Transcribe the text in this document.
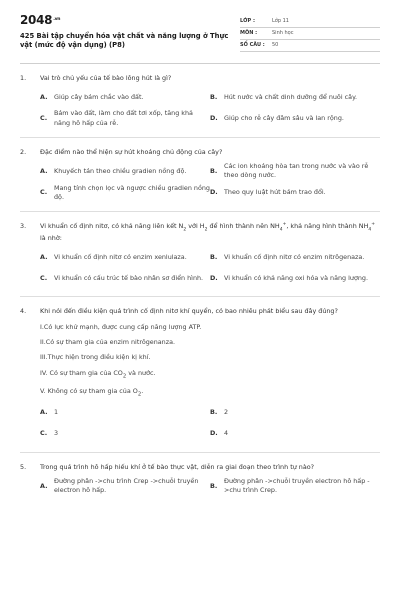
2048.vn
425 Bài tập chuyển hóa vật chất và năng lượng ở Thực vật (mức độ vận dụng) (P8)
LỚP :	Lớp 11
MÔN :	Sinh học
SỐ CÂU :	50
1.	Vai trò chủ yếu của tế bào lông hút là gì?
A.	Giúp cây bám chắc vào đất.	B.	Hút nước và chất dinh dưỡng để nuôi cây.
C.
Bám vào đất, làm cho đất tơi xốp, tăng khả năng hô hấp của rễ.
D. Giúp cho rễ cây đâm sâu và lan rộng.
2.	Đặc điểm nào thể hiện sự hút khoáng chủ động của cây?
A.	Khuyếch tán theo chiều gradien nồng độ.	B.
Các ion khoáng hòa tan trong nước và vào rễ theo dòng nước.
C.
Mang tính chọn lọc và ngược chiều gradien nồng độ.
D. Theo quy luật hút bám trao đổi.
3.	Vi khuẩn cố định nitơ, có khả năng liên kết $N_2$ với $H_2$ để hình thành nên $NH_4^+$, khả năng hình thành $NH_4^+$ là nhờ:
A.	Vi khuẩn cố định nitơ có enzim xenlulaza.	B.	Vi khuẩn cố định nitơ có enzim nitrôgenaza.
C.	Vi khuẩn có cấu trúc tế bào nhân sơ điển hình.	D. Vi khuẩn có khả năng oxi hóa và năng lượng.
4.	Khi nói đến điều kiện quá trình cố định nitơ khí quyển, có bao nhiêu phát biểu sau đây đúng?
I.Có lực khử mạnh, được cung cấp năng lượng ATP.
II.Có sự tham gia của enzim nitrôgenanza.
III.Thực hiện trong điều kiện kị khí.
IV. Có sự tham gia của $CO_2$ và nước.
V. Không có sự tham gia của $O_2$.
A.	1	B.	2
C.	3	D. 4
5.	Trong quá trình hô hấp hiếu khí ở tế bào thực vật, diễn ra giai đoạn theo trình tự nào?
A.
Đường phân ->chu trình Crep ->chuỗi truyền electron hô hấp.
B.
Đường phân ->chuỗi truyền electron hô hấp ->chu trình Crep.
